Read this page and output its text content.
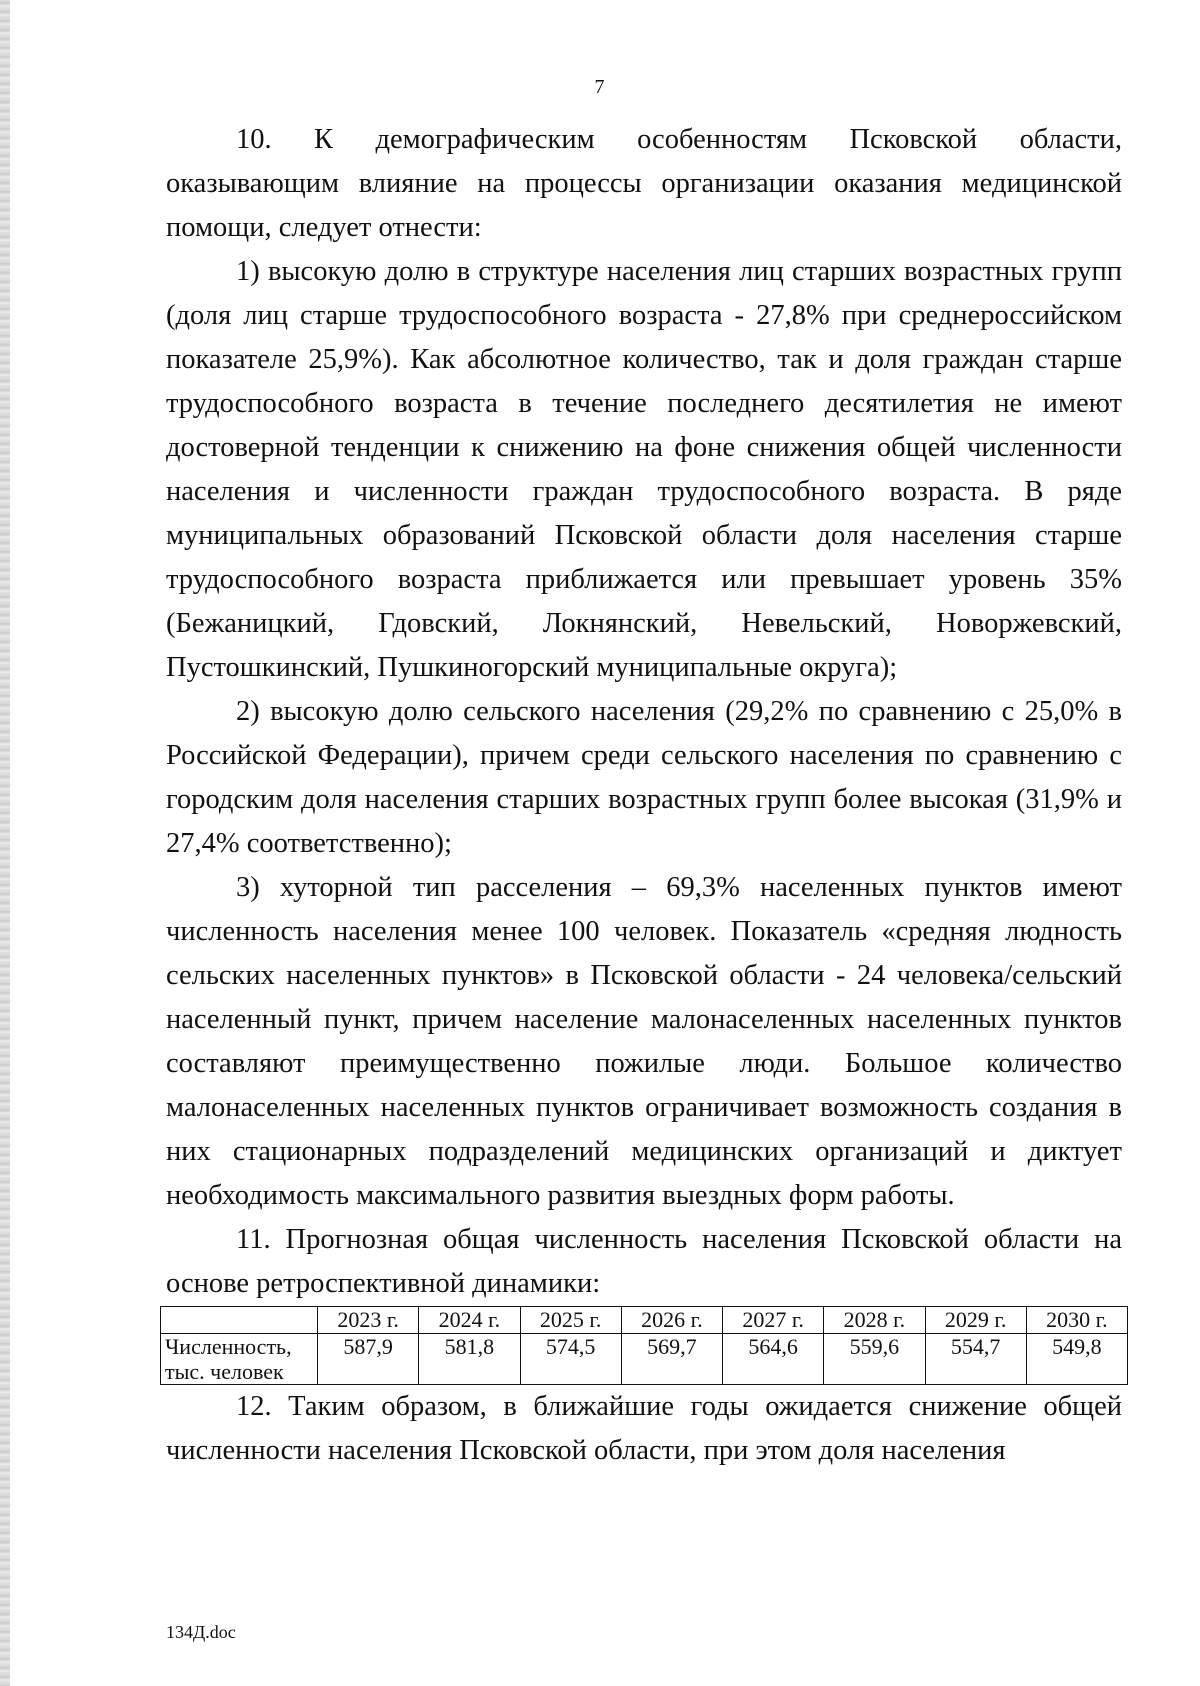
7

10. К демографическим особенностям Псковской области, оказывающим влияние на процессы организации оказания медицинской помощи, следует отнести:

1) высокую долю в структуре населения лиц старших возрастных групп (доля лиц старше трудоспособного возраста - 27,8% при среднероссийском показателе 25,9%). Как абсолютное количество, так и доля граждан старше трудоспособного возраста в течение последнего десятилетия не имеют достоверной тенденции к снижению на фоне снижения общей численности населения и численности граждан трудоспособного возраста. В ряде муниципальных образований Псковской области доля населения старше трудоспособного возраста приближается или превышает уровень 35% (Бежаницкий, Гдовский, Локнянский, Невельский, Новоржевский, Пустошкинский, Пушкиногорский муниципальные округа);

2) высокую долю сельского населения (29,2% по сравнению с 25,0% в Российской Федерации), причем среди сельского населения по сравнению с городским доля населения старших возрастных групп более высокая (31,9% и 27,4% соответственно);

3) хуторной тип расселения – 69,3% населенных пунктов имеют численность населения менее 100 человек. Показатель «средняя людность сельских населенных пунктов» в Псковской области - 24 человека/сельский населенный пункт, причем население малонаселенных населенных пунктов составляют преимущественно пожилые люди. Большое количество малонаселенных населенных пунктов ограничивает возможность создания в них стационарных подразделений медицинских организаций и диктует необходимость максимального развития выездных форм работы.

11. Прогнозная общая численность населения Псковской области на основе ретроспективной динамики:

	2023 г.	2024 г.	2025 г.	2026 г.	2027 г.	2028 г.	2029 г.	2030 г.
Численность,
тыс. человек	587,9	581,8	574,5	569,7	564,6	559,6	554,7	549,8

12. Таким образом, в ближайшие годы ожидается снижение общей численности населения Псковской области, при этом доля населения

134Д.doc
